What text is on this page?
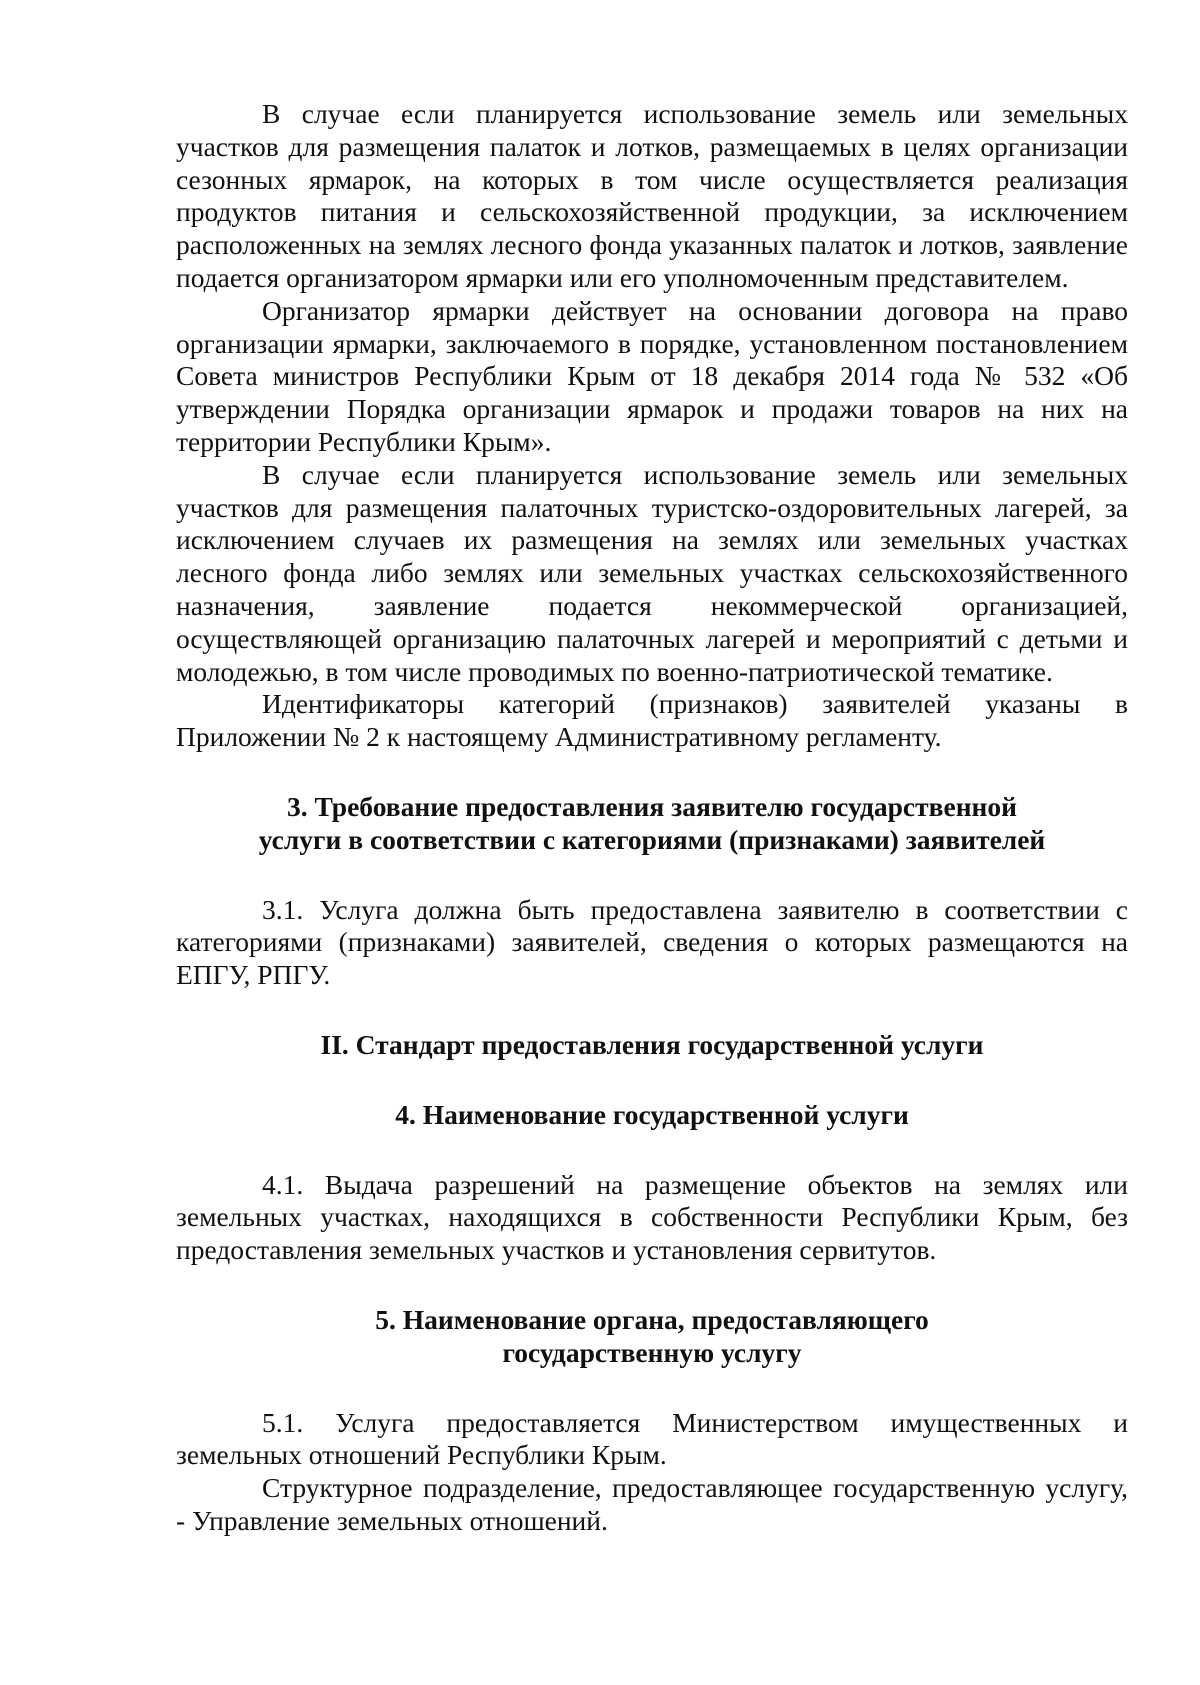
В случае если планируется использование земель или земельных участков для размещения палаток и лотков, размещаемых в целях организации сезонных ярмарок, на которых в том числе осуществляется реализация продуктов питания и сельскохозяйственной продукции, за исключением расположенных на землях лесного фонда указанных палаток и лотков, заявление подается организатором ярмарки или его уполномоченным представителем.

Организатор ярмарки действует на основании договора на право организации ярмарки, заключаемого в порядке, установленном постановлением Совета министров Республики Крым от 18 декабря 2014 года № 532 «Об утверждении Порядка организации ярмарок и продажи товаров на них на территории Республики Крым».

В случае если планируется использование земель или земельных участков для размещения палаточных туристско-оздоровительных лагерей, за исключением случаев их размещения на землях или земельных участках лесного фонда либо землях или земельных участках сельскохозяйственного назначения, заявление подается некоммерческой организацией, осуществляющей организацию палаточных лагерей и мероприятий с детьми и молодежью, в том числе проводимых по военно-патриотической тематике.

Идентификаторы категорий (признаков) заявителей указаны в Приложении № 2 к настоящему Административному регламенту.

3. Требование предоставления заявителю государственной
услуги в соответствии с категориями (признаками) заявителей

3.1. Услуга должна быть предоставлена заявителю в соответствии с категориями (признаками) заявителей, сведения о которых размещаются на ЕПГУ, РПГУ.

II. Стандарт предоставления государственной услуги
4. Наименование государственной услуги

4.1. Выдача разрешений на размещение объектов на землях или земельных участках, находящихся в собственности Республики Крым, без предоставления земельных участков и установления сервитутов.

5. Наименование органа, предоставляющего
государственную услугу

5.1. Услуга предоставляется Министерством имущественных и земельных отношений Республики Крым.

Структурное подразделение, предоставляющее государственную услугу, - Управление земельных отношений.
